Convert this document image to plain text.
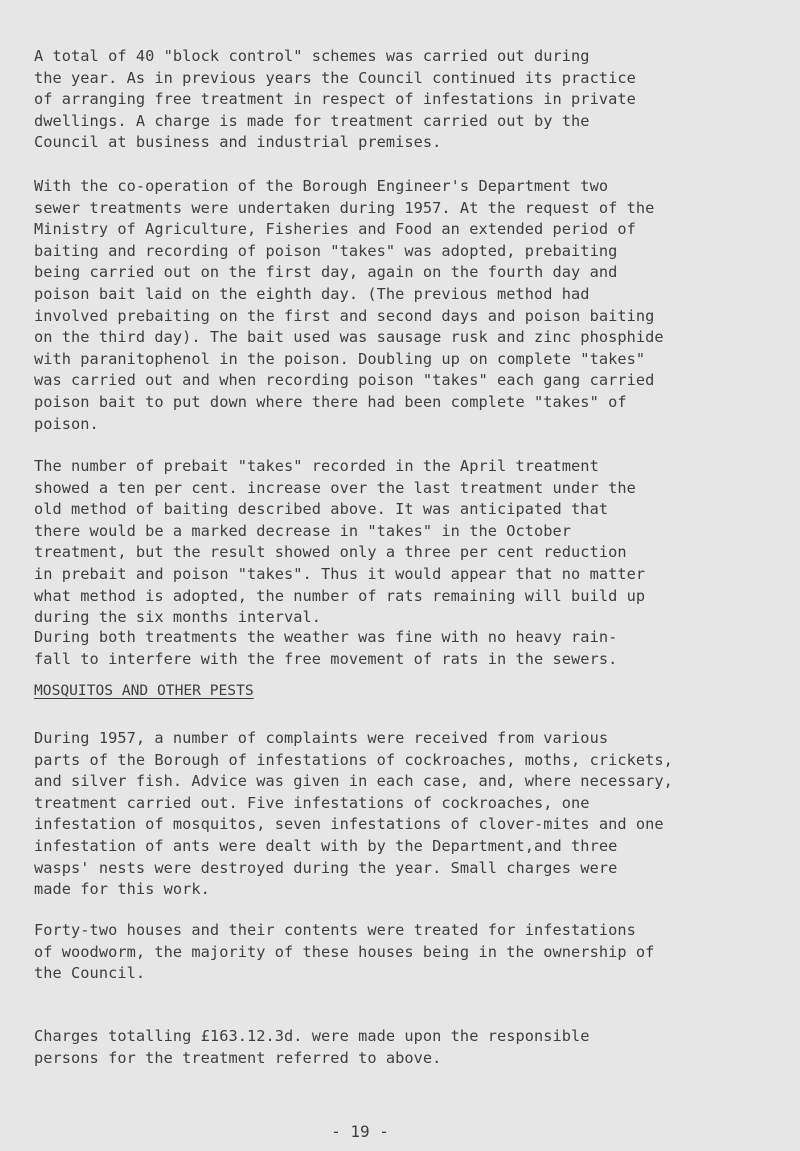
A total of 40 "block control" schemes was carried out during
the year. As in previous years the Council continued its practice
of arranging free treatment in respect of infestations in private
dwellings. A charge is made for treatment carried out by the
Council at business and industrial premises.
With the co-operation of the Borough Engineer's Department two
sewer treatments were undertaken during 1957. At the request of the
Ministry of Agriculture, Fisheries and Food an extended period of
baiting and recording of poison "takes" was adopted, prebaiting
being carried out on the first day, again on the fourth day and
poison bait laid on the eighth day. (The previous method had
involved prebaiting on the first and second days and poison baiting
on the third day). The bait used was sausage rusk and zinc phosphide
with paranitophenol in the poison. Doubling up on complete "takes"
was carried out and when recording poison "takes" each gang carried
poison bait to put down where there had been complete "takes" of
poison.
The number of prebait "takes" recorded in the April treatment
showed a ten per cent. increase over the last treatment under the
old method of baiting described above. It was anticipated that
there would be a marked decrease in "takes" in the October
treatment, but the result showed only a three per cent reduction
in prebait and poison "takes". Thus it would appear that no matter
what method is adopted, the number of rats remaining will build up
during the six months interval.
During both treatments the weather was fine with no heavy rain-
fall to interfere with the free movement of rats in the sewers.
MOSQUITOS AND OTHER PESTS
During 1957, a number of complaints were received from various
parts of the Borough of infestations of cockroaches, moths, crickets,
and silver fish. Advice was given in each case, and, where necessary,
treatment carried out. Five infestations of cockroaches, one
infestation of mosquitos, seven infestations of clover-mites and one
infestation of ants were dealt with by the Department,and three
wasps' nests were destroyed during the year. Small charges were
made for this work.
Forty-two houses and their contents were treated for infestations
of woodworm, the majority of these houses being in the ownership of
the Council.
Charges totalling £163.12.3d. were made upon the responsible
persons for the treatment referred to above.
- 19 -
